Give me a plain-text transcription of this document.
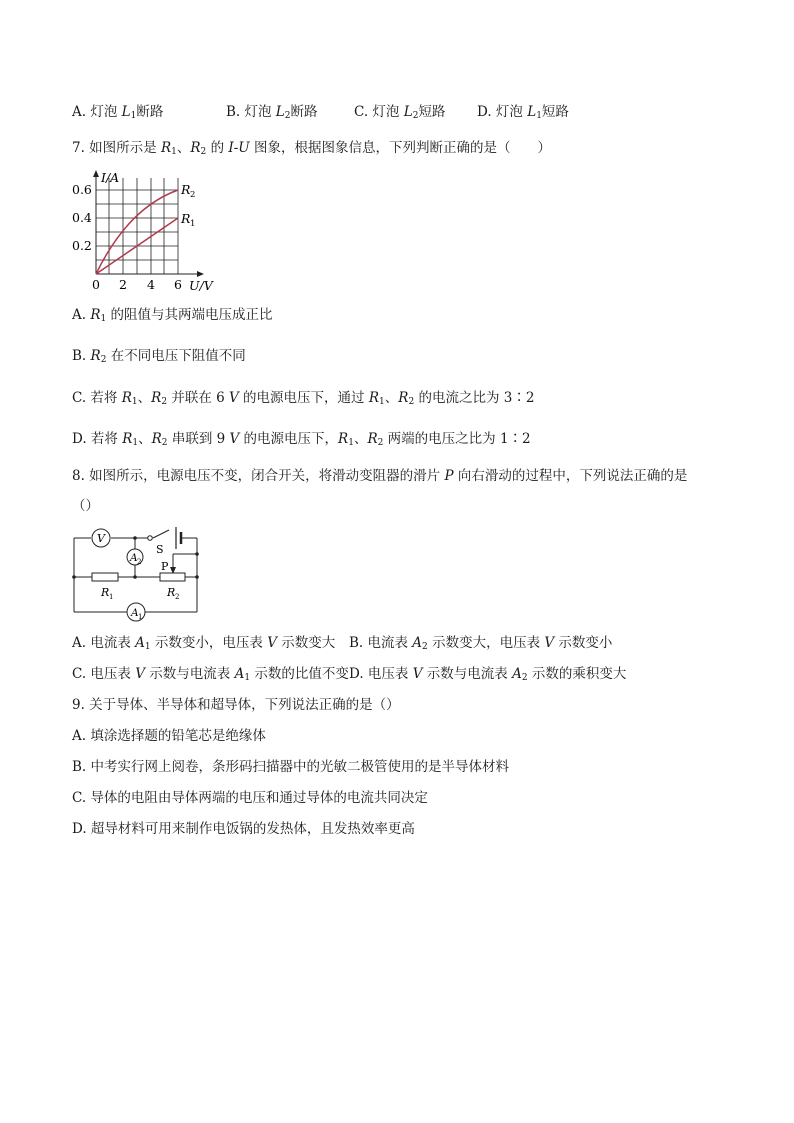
A. 灯泡 $L_1$断路	B. 灯泡 $L_2$断路	C. 灯泡 $L_2$短路 D. 灯泡 $L_1$短路
7. 如图所示是 $R_1$、$R_2$ 的 I-U 图象，根据图象信息，下列判断正确的是（　　）
I/A
0.6
0.4
0.2
0 2 4 6 U/V
R 2
R 1
A. $R_1$ 的阻值与其两端电压成正比
B. $R_2$ 在不同电压下阻值不同
C. 若将 $R_1$、$R_2$ 并联在 6 V 的电源电压下，通过 $R_1$、$R_2$ 的电流之比为 3∶2
D. 若将 $R_1$、$R_2$ 串联到 9 V 的电源电压下，$R_1$、$R_2$ 两端的电压之比为 1∶2
8. 如图所示，电源电压不变，闭合开关，将滑动变阻器的滑片 P 向右滑动的过程中，下列说法正确的是
（）
V
A 2
A 1
S
P
R 1	R 2
A. 电流表 $A_1$ 示数变小，电压表 V 示数变大 B. 电流表 $A_2$ 示数变大，电压表 V 示数变小
C. 电压表 V 示数与电流表 $A_1$ 示数的比值不变 D. 电压表 V 示数与电流表 $A_2$ 示数的乘积变大
9. 关于导体、半导体和超导体，下列说法正确的是（）
A. 填涂选择题的铅笔芯是绝缘体
B. 中考实行网上阅卷，条形码扫描器中的光敏二极管使用的是半导体材料
C. 导体的电阻由导体两端的电压和通过导体的电流共同决定
D. 超导材料可用来制作电饭锅的发热体，且发热效率更高
